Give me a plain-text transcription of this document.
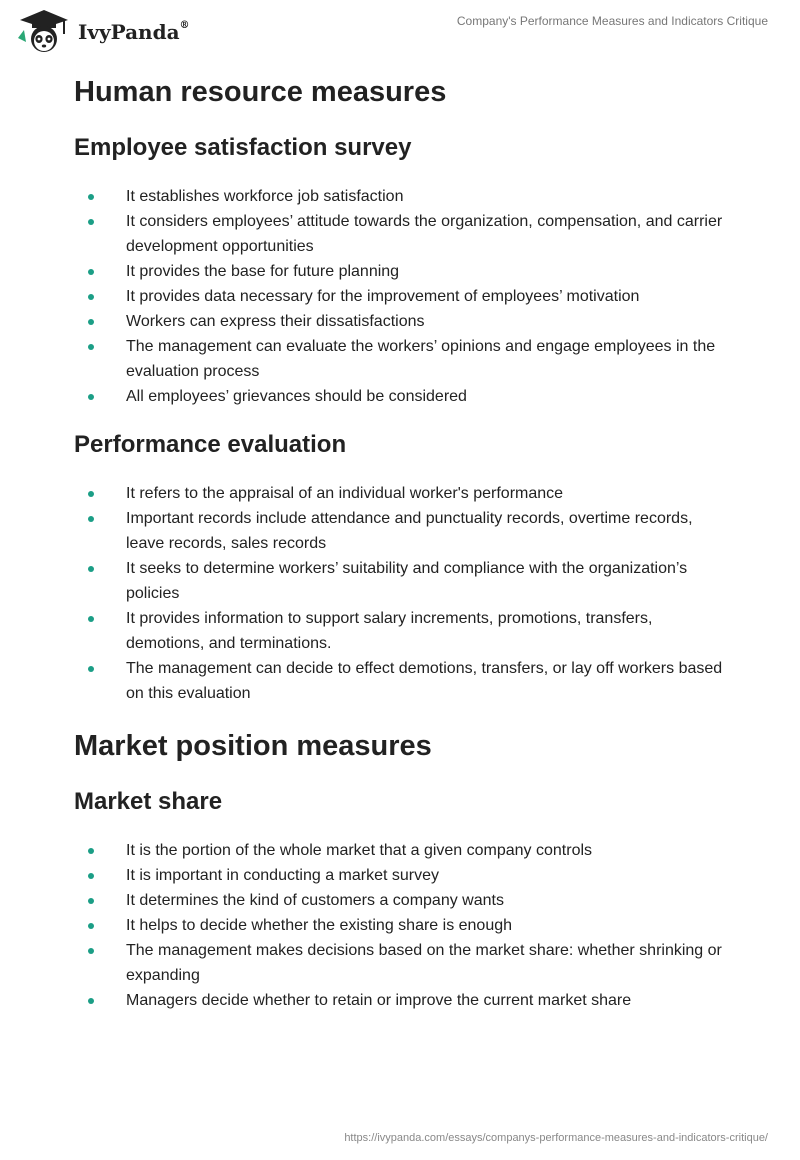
IvyPanda®	Company's Performance Measures and Indicators Critique
Human resource measures
Employee satisfaction survey
It establishes workforce job satisfaction
It considers employees’ attitude towards the organization, compensation, and carrier development opportunities
It provides the base for future planning
It provides data necessary for the improvement of employees’ motivation
Workers can express their dissatisfactions
The management can evaluate the workers’ opinions and engage employees in the evaluation process
All employees’ grievances should be considered
Performance evaluation
It refers to the appraisal of an individual worker's performance
Important records include attendance and punctuality records, overtime records, leave records, sales records
It seeks to determine workers’ suitability and compliance with the organization’s policies
It provides information to support salary increments, promotions, transfers, demotions, and terminations.
The management can decide to effect demotions, transfers, or lay off workers based on this evaluation
Market position measures
Market share
It is the portion of the whole market that a given company controls
It is important in conducting a market survey
It determines the kind of customers a company wants
It helps to decide whether the existing share is enough
The management makes decisions based on the market share: whether shrinking or expanding
Managers decide whether to retain or improve the current market share
https://ivypanda.com/essays/companys-performance-measures-and-indicators-critique/
